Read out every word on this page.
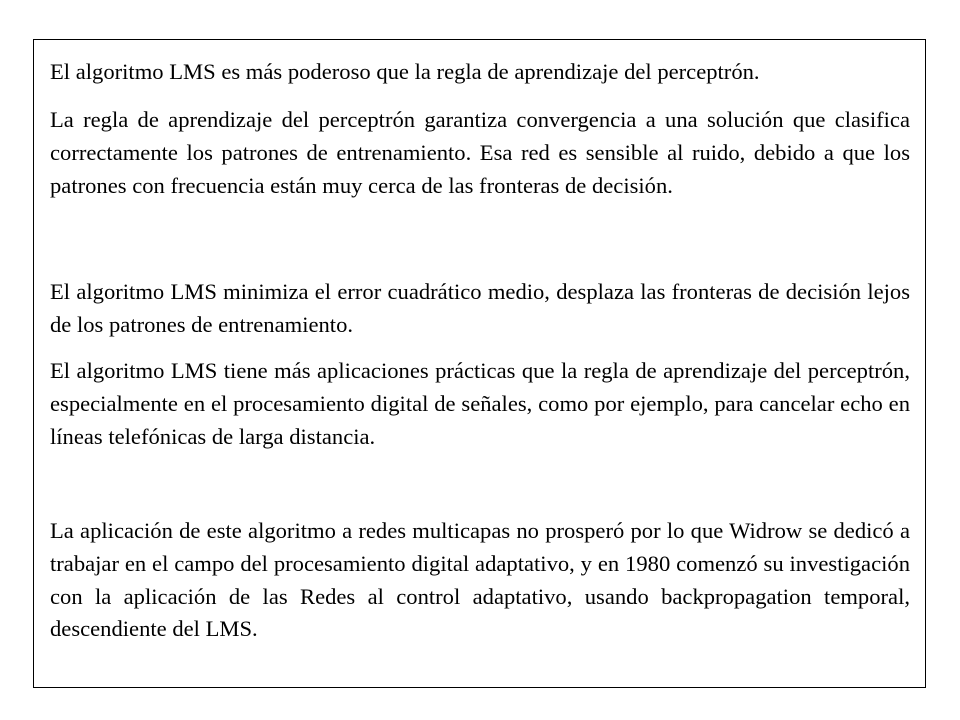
El algoritmo LMS es más poderoso que la regla de aprendizaje del perceptrón.

La regla de aprendizaje del perceptrón garantiza convergencia a una solución que clasifica correctamente los patrones de entrenamiento. Esa red es sensible al ruido, debido a que los patrones con frecuencia están muy cerca de las fronteras de decisión.

El algoritmo LMS minimiza el error cuadrático medio, desplaza las fronteras de decisión lejos de los patrones de entrenamiento.

El algoritmo LMS tiene más aplicaciones prácticas que la regla de aprendizaje del perceptrón, especialmente en el procesamiento digital de señales, como por ejemplo, para cancelar echo en líneas telefónicas de larga distancia.

La aplicación de este algoritmo a redes multicapas no prosperó por lo que Widrow se dedicó a trabajar en el campo del procesamiento digital adaptativo, y en 1980 comenzó su investigación con la aplicación de las Redes al control adaptativo, usando backpropagation temporal, descendiente del LMS.
